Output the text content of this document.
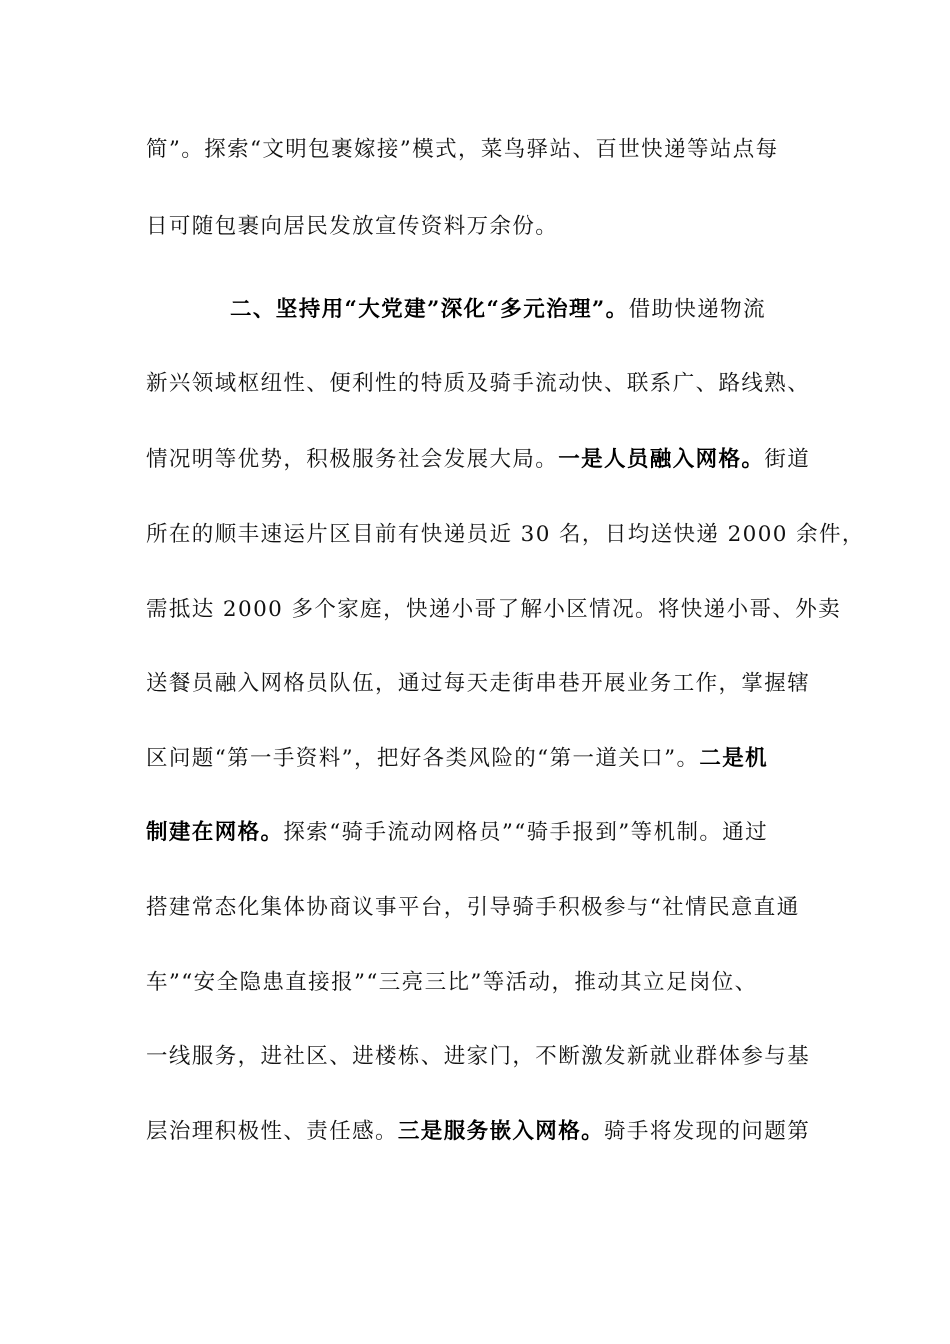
简”。探索“文明包裹嫁接”模式，菜鸟驿站、百世快递等站点每
日可随包裹向居民发放宣传资料万余份。
二、坚持用“大党建”深化“多元治理”。借助快递物流
新兴领域枢纽性、便利性的特质及骑手流动快、联系广、路线熟、
情况明等优势，积极服务社会发展大局。一是人员融入网格。街道
所在的顺丰速运片区目前有快递员近 30 名，日均送快递 2000 余件，
需抵达 2000 多个家庭，快递小哥了解小区情况。将快递小哥、外卖
送餐员融入网格员队伍，通过每天走街串巷开展业务工作，掌握辖
区问题“第一手资料”，把好各类风险的“第一道关口”。二是机
制建在网格。探索“骑手流动网格员”“骑手报到”等机制。通过
搭建常态化集体协商议事平台，引导骑手积极参与“社情民意直通
车”“安全隐患直接报”“三亮三比”等活动，推动其立足岗位、
一线服务，进社区、进楼栋、进家门，不断激发新就业群体参与基
层治理积极性、责任感。三是服务嵌入网格。骑手将发现的问题第
